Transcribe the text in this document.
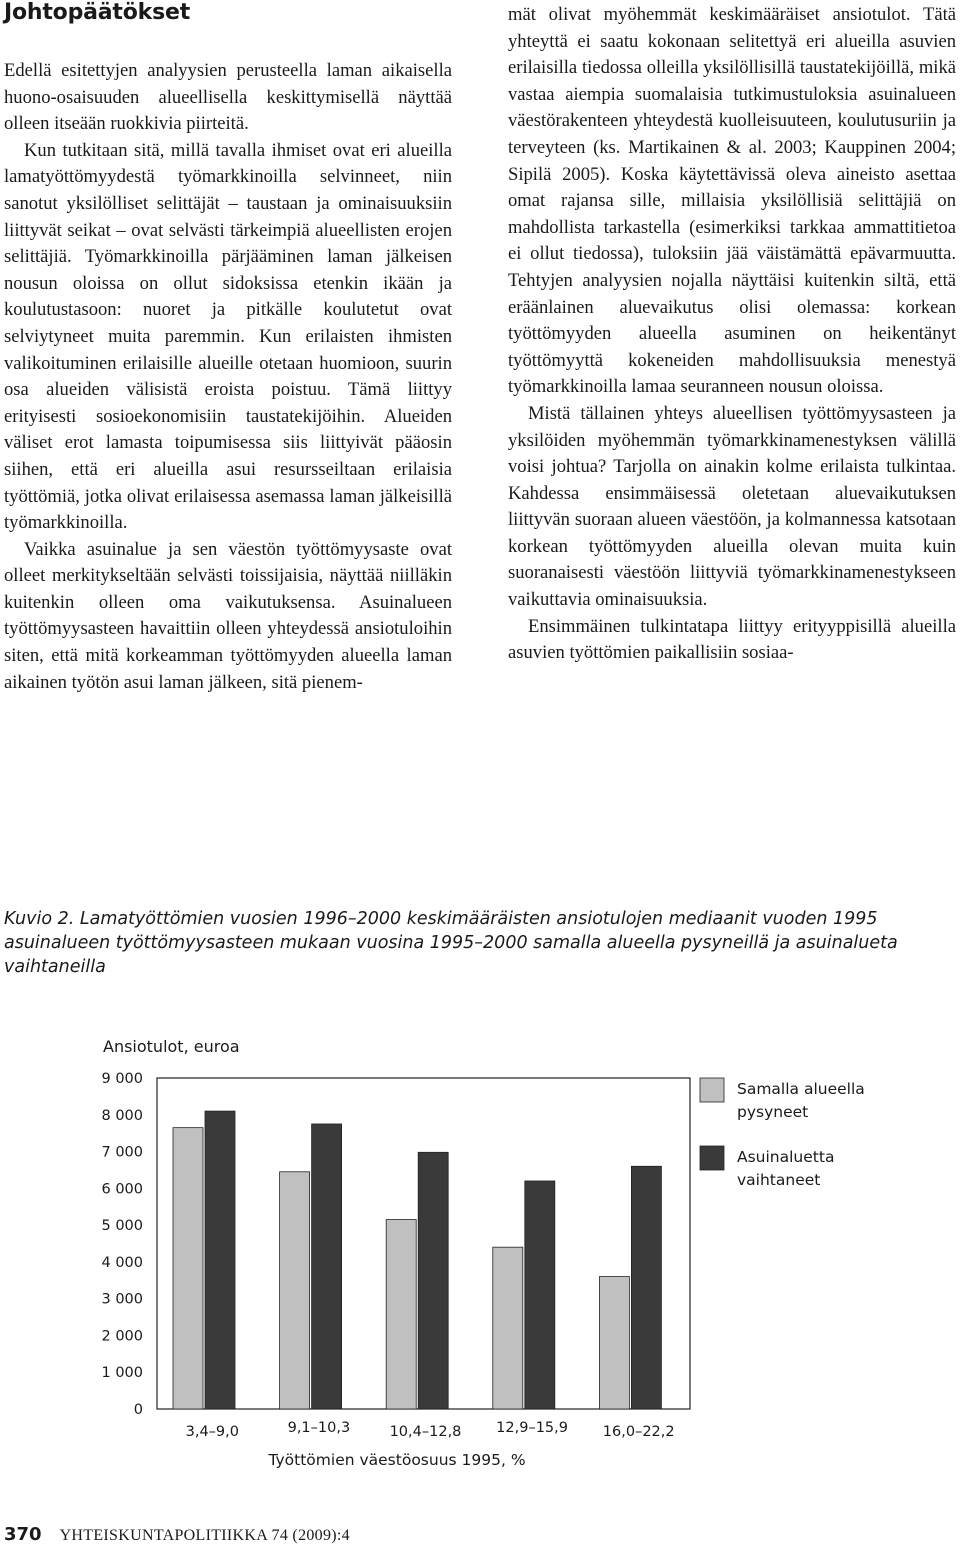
Johtopäätökset

Edellä esitettyjen analyysien perusteella laman aikaisella huono-osaisuuden alueellisella keskittymisellä näyttää olleen itseään ruokkivia piirteitä.

Kun tutkitaan sitä, millä tavalla ihmiset ovat eri alueilla lamatyöttömyydestä työmarkkinoilla selvinneet, niin sanotut yksilölliset selittäjät – taustaan ja ominaisuuksiin liittyvät seikat – ovat selvästi tärkeimpiä alueellisten erojen selittäjiä. Työmarkkinoilla pärjääminen laman jälkeisen nousun oloissa on ollut sidoksissa etenkin ikään ja koulutustasoon: nuoret ja pitkälle koulutetut ovat selviytyneet muita paremmin. Kun erilaisten ihmisten valikoituminen erilaisille alueille otetaan huomioon, suurin osa alueiden välisistä eroista poistuu. Tämä liittyy erityisesti sosioekonomisiin taustatekijöihin. Alueiden väliset erot lamasta toipumisessa siis liittyivät pääosin siihen, että eri alueilla asui resursseiltaan erilaisia työttömiä, jotka olivat erilaisessa asemassa laman jälkeisillä työmarkkinoilla.

Vaikka asuinalue ja sen väestön työttömyysaste ovat olleet merkitykseltään selvästi toissijaisia, näyttää niilläkin kuitenkin olleen oma vaikutuksensa. Asuinalueen työttömyysasteen havaittiin olleen yhteydessä ansiotuloihin siten, että mitä korkeamman työttömyyden alueella laman aikainen työtön asui laman jälkeen, sitä pienem-

mät olivat myöhemmät keskimääräiset ansiotulot. Tätä yhteyttä ei saatu kokonaan selitettyä eri alueilla asuvien erilaisilla tiedossa olleilla yksilöllisillä taustatekijöillä, mikä vastaa aiempia suomalaisia tutkimustuloksia asuinalueen väestörakenteen yhteydestä kuolleisuuteen, koulutusuriin ja terveyteen (ks. Martikainen & al. 2003; Kauppinen 2004; Sipilä 2005). Koska käytettävissä oleva aineisto asettaa omat rajansa sille, millaisia yksilöllisiä selittäjiä on mahdollista tarkastella (esimerkiksi tarkkaa ammattitietoa ei ollut tiedossa), tuloksiin jää väistämättä epävarmuutta. Tehtyjen analyysien nojalla näyttäisi kuitenkin siltä, että eräänlainen aluevaikutus olisi olemassa: korkean työttömyyden alueella asuminen on heikentänyt työttömyyttä kokeneiden mahdollisuuksia menestyä työmarkkinoilla lamaa seuranneen nousun oloissa.

Mistä tällainen yhteys alueellisen työttömyysasteen ja yksilöiden myöhemmän työmarkkinamenestyksen välillä voisi johtua? Tarjolla on ainakin kolme erilaista tulkintaa. Kahdessa ensimmäisessä oletetaan aluevaikutuksen liittyvän suoraan alueen väestöön, ja kolmannessa katsotaan korkean työttömyyden alueilla olevan muita kuin suoranaisesti väestöön liittyviä työmarkkinamenestykseen vaikuttavia ominaisuuksia.

Ensimmäinen tulkintatapa liittyy erityyppisillä alueilla asuvien työttömien paikallisiin sosiaa-

Kuvio 2. Lamatyöttömien vuosien 1996–2000 keskimääräisten ansiotulojen mediaanit vuoden 1995 asuinalueen työttömyysasteen mukaan vuosina 1995–2000 samalla alueella pysyneillä ja asuinalueta vaihtaneilla
Ansiotulot, euroa
0
1 000
2 000
3 000
4 000
5 000
6 000
7 000
8 000
9 000
3,4–9,0	9,1–10,3	10,4–12,8 12,9–15,9 16,0–22,2
Työttömien väestöosuus 1995, %
Samalla alueella
pysyneet
Asuinaluetta
vaihtaneet
370 YHTEISKUNTAPOLITIIKKA 74 (2009):4
